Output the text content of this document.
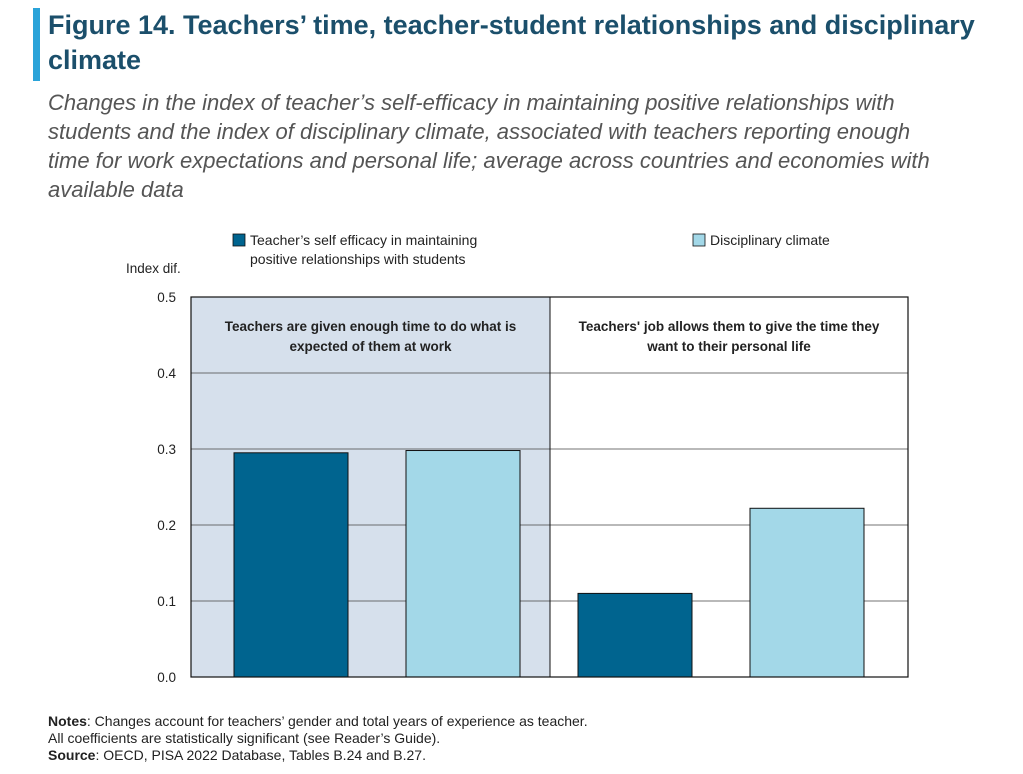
Figure 14. Teachers’ time, teacher-student relationships and disciplinary climate
Changes in the index of teacher’s self-efficacy in maintaining positive relationships with students and the index of disciplinary climate, associated with teachers reporting enough time for work expectations and personal life; average across countries and economies with available data
0.0
0.1
0.2
0.3
0.4
0.5
Index dif.
Teachers are given enough time to do what is
expected of them at work
Teachers' job allows them to give the time they
want to their personal life
Teacher’s self efficacy in maintaining
positive relationships with students
Disciplinary climate
Notes: Changes account for teachers’ gender and total years of experience as teacher.
All coefficients are statistically significant (see Reader’s Guide).
Source: OECD, PISA 2022 Database, Tables B.24 and B.27.
